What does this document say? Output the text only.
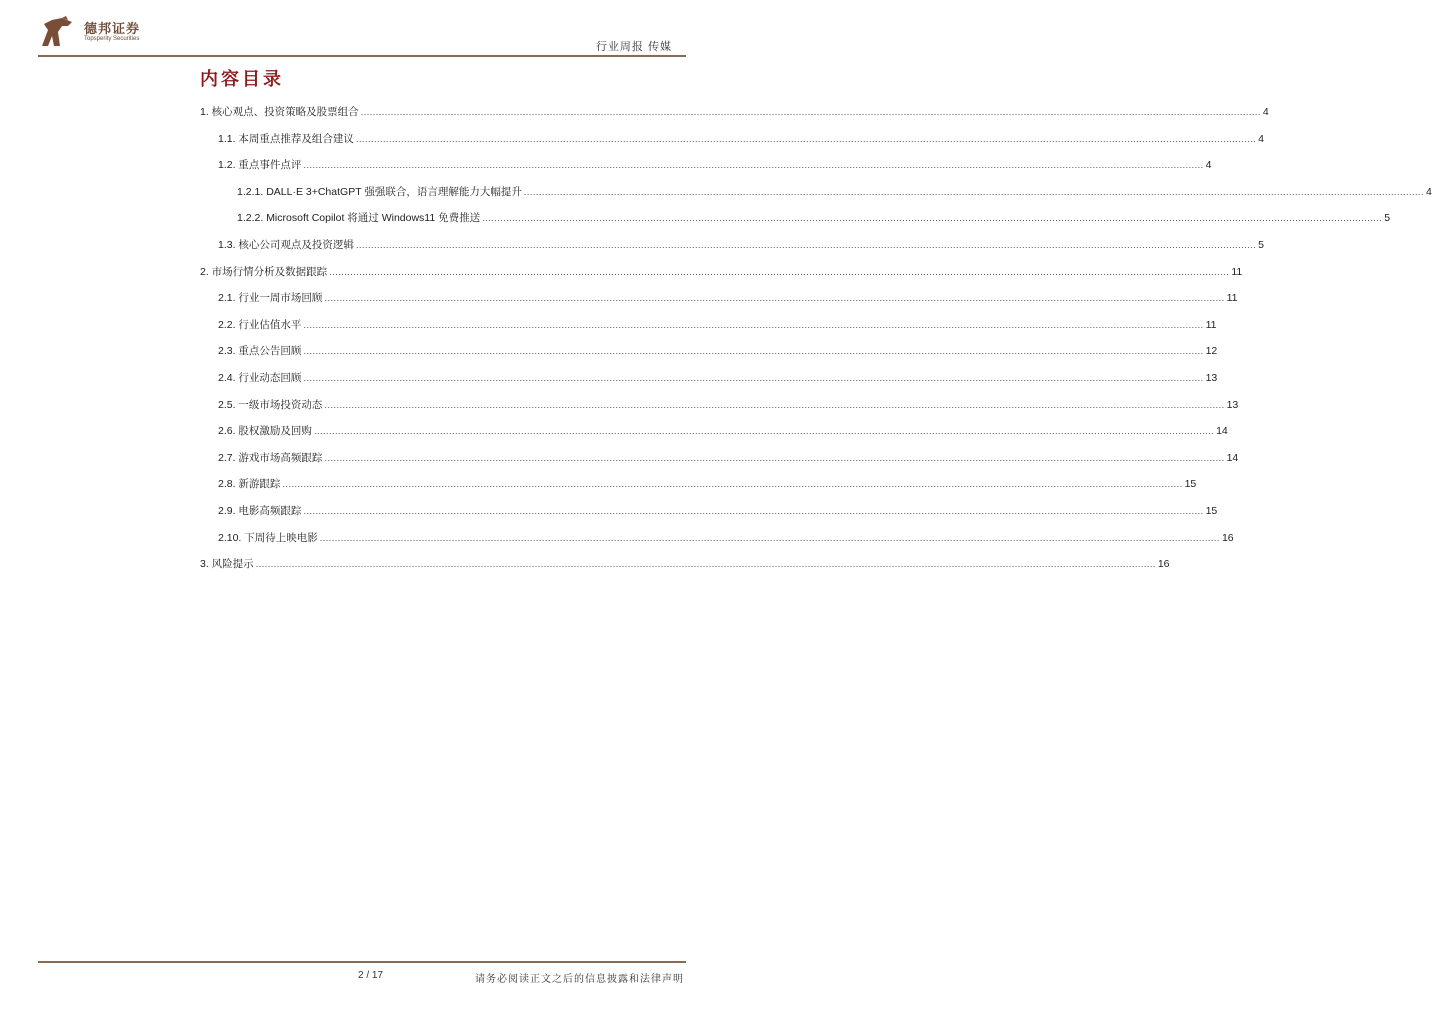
德邦证券
Topsperity Securities
行业周报 传媒
内容目录
1. 核心观点、投资策略及股票组合 ............................................................................................................................................................................................................................................................................................................ 4
1.1. 本周重点推荐及组合建议 ............................................................................................................................................................................................................................................................................................................ 4
1.2. 重点事件点评 ............................................................................................................................................................................................................................................................................................................ 4
1.2.1. DALL·E 3+ChatGPT 强强联合，语言理解能力大幅提升 ............................................................................................................................................................................................................................................................................................................ 4
1.2.2. Microsoft Copilot 将通过 Windows11 免费推送 ............................................................................................................................................................................................................................................................................................................ 5
1.3. 核心公司观点及投资逻辑 ............................................................................................................................................................................................................................................................................................................ 5
2. 市场行情分析及数据跟踪 ............................................................................................................................................................................................................................................................................................................ 11
2.1. 行业一周市场回顾 ............................................................................................................................................................................................................................................................................................................ 11
2.2. 行业估值水平 ............................................................................................................................................................................................................................................................................................................ 11
2.3. 重点公告回顾 ............................................................................................................................................................................................................................................................................................................ 12
2.4. 行业动态回顾 ............................................................................................................................................................................................................................................................................................................ 13
2.5. 一级市场投资动态 ............................................................................................................................................................................................................................................................................................................ 13
2.6. 股权激励及回购 ............................................................................................................................................................................................................................................................................................................ 14
2.7. 游戏市场高频跟踪 ............................................................................................................................................................................................................................................................................................................ 14
2.8. 新游跟踪 ............................................................................................................................................................................................................................................................................................................ 15
2.9. 电影高频跟踪 ............................................................................................................................................................................................................................................................................................................ 15
2.10. 下周待上映电影 ............................................................................................................................................................................................................................................................................................................ 16
3. 风险提示 ............................................................................................................................................................................................................................................................................................................ 16
2 / 17	请务必阅读正文之后的信息披露和法律声明
